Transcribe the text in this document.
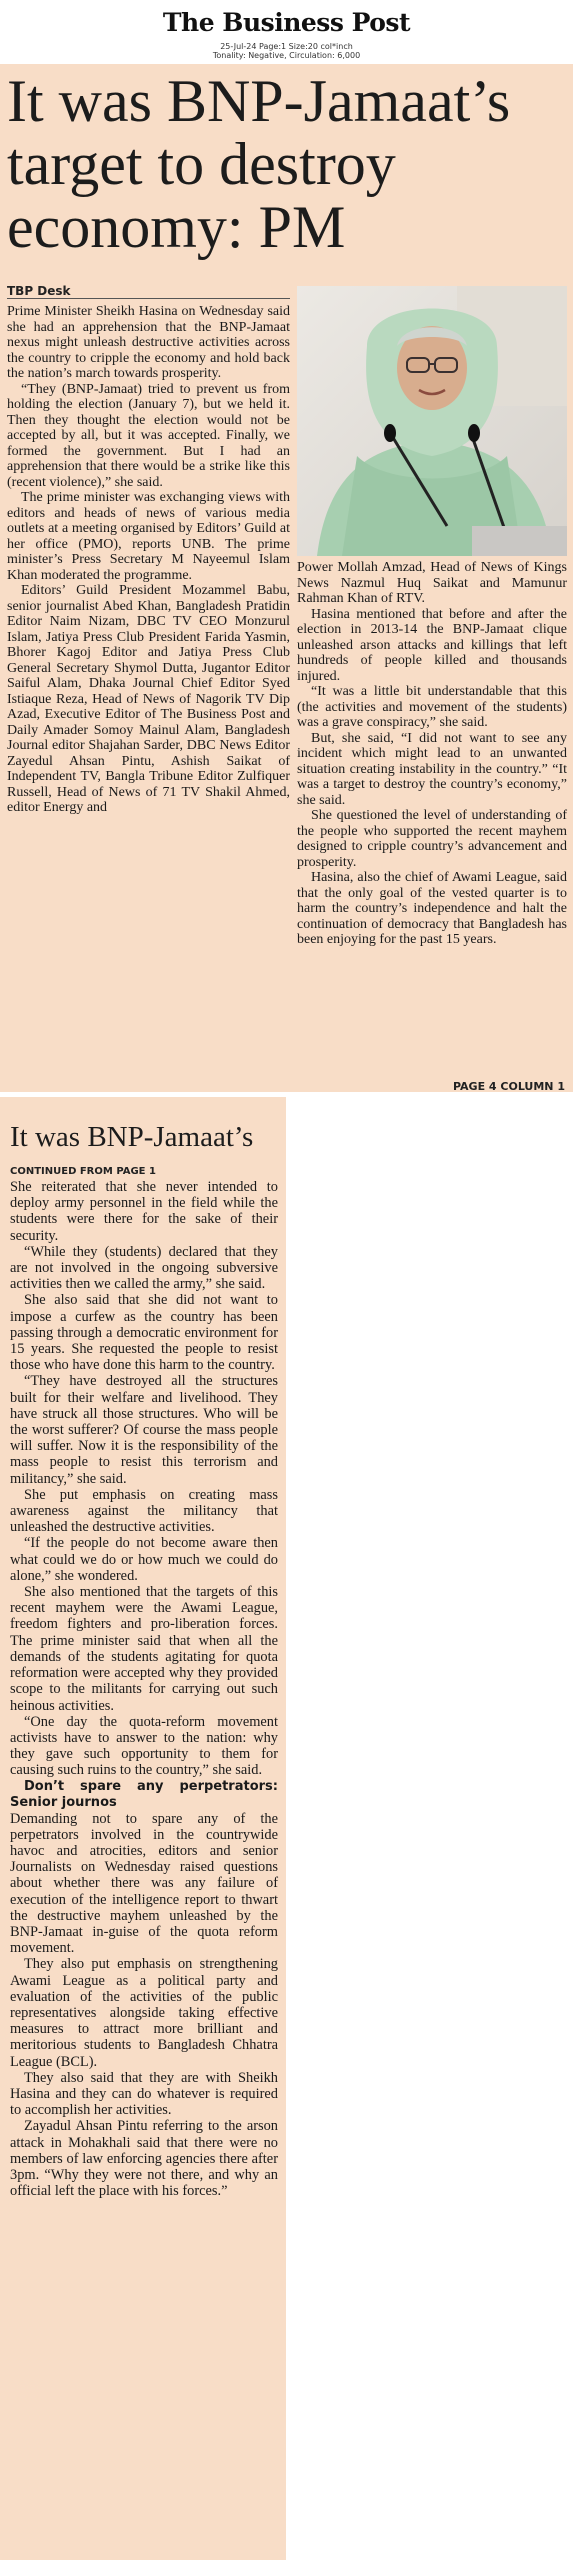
The Business Post
25-Jul-24 Page:1 Size:20 col*inch
Tonality: Negative, Circulation: 6,000
It was BNP-Jamaat’s target to destroy economy: PM
TBP Desk

Prime Minister Sheikh Hasina on Wednesday said she had an apprehension that the BNP-Jamaat nexus might unleash destructive activities across the country to cripple the economy and hold back the nation’s march towards prosperity.

“They (BNP-Jamaat) tried to prevent us from holding the election (January 7), but we held it. Then they thought the election would not be accepted by all, but it was accepted. Finally, we formed the government. But I had an apprehension that there would be a strike like this (recent violence),” she said.

The prime minister was exchanging views with editors and heads of news of various media outlets at a meeting organised by Editors’ Guild at her office (PMO), reports UNB. The prime minister’s Press Secretary M Nayeemul Islam Khan moderated the programme.

Editors’ Guild President Mozammel Babu, senior journalist Abed Khan, Bangladesh Pratidin Editor Naim Nizam, DBC TV CEO Monzurul Islam, Jatiya Press Club President Farida Yasmin, Bhorer Kagoj Editor and Jatiya Press Club General Secretary Shymol Dutta, Jugantor Editor Saiful Alam, Dhaka Journal Chief Editor Syed Istiaque Reza, Head of News of Nagorik TV Dip Azad, Executive Editor of The Business Post and Daily Amader Somoy Mainul Alam, Bangladesh Journal editor Shajahan Sarder, DBC News Editor Zayedul Ahsan Pintu, Ashish Saikat of Independent TV, Bangla Tribune Editor Zulfiquer Russell, Head of News of 71 TV Shakil Ahmed, editor Energy and

Power Mollah Amzad, Head of News of Kings News Nazmul Huq Saikat and Mamunur Rahman Khan of RTV.

Hasina mentioned that before and after the election in 2013-14 the BNP-Jamaat clique unleashed arson attacks and killings that left hundreds of people killed and thousands injured.

“It was a little bit understandable that this (the activities and movement of the students) was a grave conspiracy,” she said.

But, she said, “I did not want to see any incident which might lead to an unwanted situation creating instability in the country.” “It was a target to destroy the country’s economy,” she said.

She questioned the level of understanding of the people who supported the recent mayhem designed to cripple country’s advancement and prosperity.

Hasina, also the chief of Awami League, said that the only goal of the vested quarter is to harm the country’s independence and halt the continuation of democracy that Bangladesh has been enjoying for the past 15 years.

PAGE 4 COLUMN 1
It was BNP-Jamaat’s
CONTINUED FROM PAGE 1

She reiterated that she never intended to deploy army personnel in the field while the students were there for the sake of their security.

“While they (students) declared that they are not involved in the ongoing subversive activities then we called the army,” she said.

She also said that she did not want to impose a curfew as the country has been passing through a democratic environment for 15 years. She requested the people to resist those who have done this harm to the country.

“They have destroyed all the structures built for their welfare and livelihood. They have struck all those structures. Who will be the worst sufferer? Of course the mass people will suffer. Now it is the responsibility of the mass people to resist this terrorism and militancy,” she said.

She put emphasis on creating mass awareness against the militancy that unleashed the destructive activities.

“If the people do not become aware then what could we do or how much we could do alone,” she wondered.

She also mentioned that the targets of this recent mayhem were the Awami League, freedom fighters and pro-liberation forces. The prime minister said that when all the demands of the students agitating for quota reformation were accepted why they provided scope to the militants for carrying out such heinous activities.

“One day the quota-reform movement activists have to answer to the nation: why they gave such opportunity to them for causing such ruins to the country,” she said.

Don’t spare any perpetrators: Senior journos

Demanding not to spare any of the perpetrators involved in the countrywide havoc and atrocities, editors and senior Journalists on Wednesday raised questions about whether there was any failure of execution of the intelligence report to thwart the destructive mayhem unleashed by the BNP-Jamaat in-guise of the quota reform movement.

They also put emphasis on strengthening Awami League as a political party and evaluation of the activities of the public representatives alongside taking effective measures to attract more brilliant and meritorious students to Bangladesh Chhatra League (BCL).

They also said that they are with Sheikh Hasina and they can do whatever is required to accomplish her activities.

Zayadul Ahsan Pintu referring to the arson attack in Mohakhali said that there were no members of law enforcing agencies there after 3pm. “Why they were not there, and why an official left the place with his forces.”
